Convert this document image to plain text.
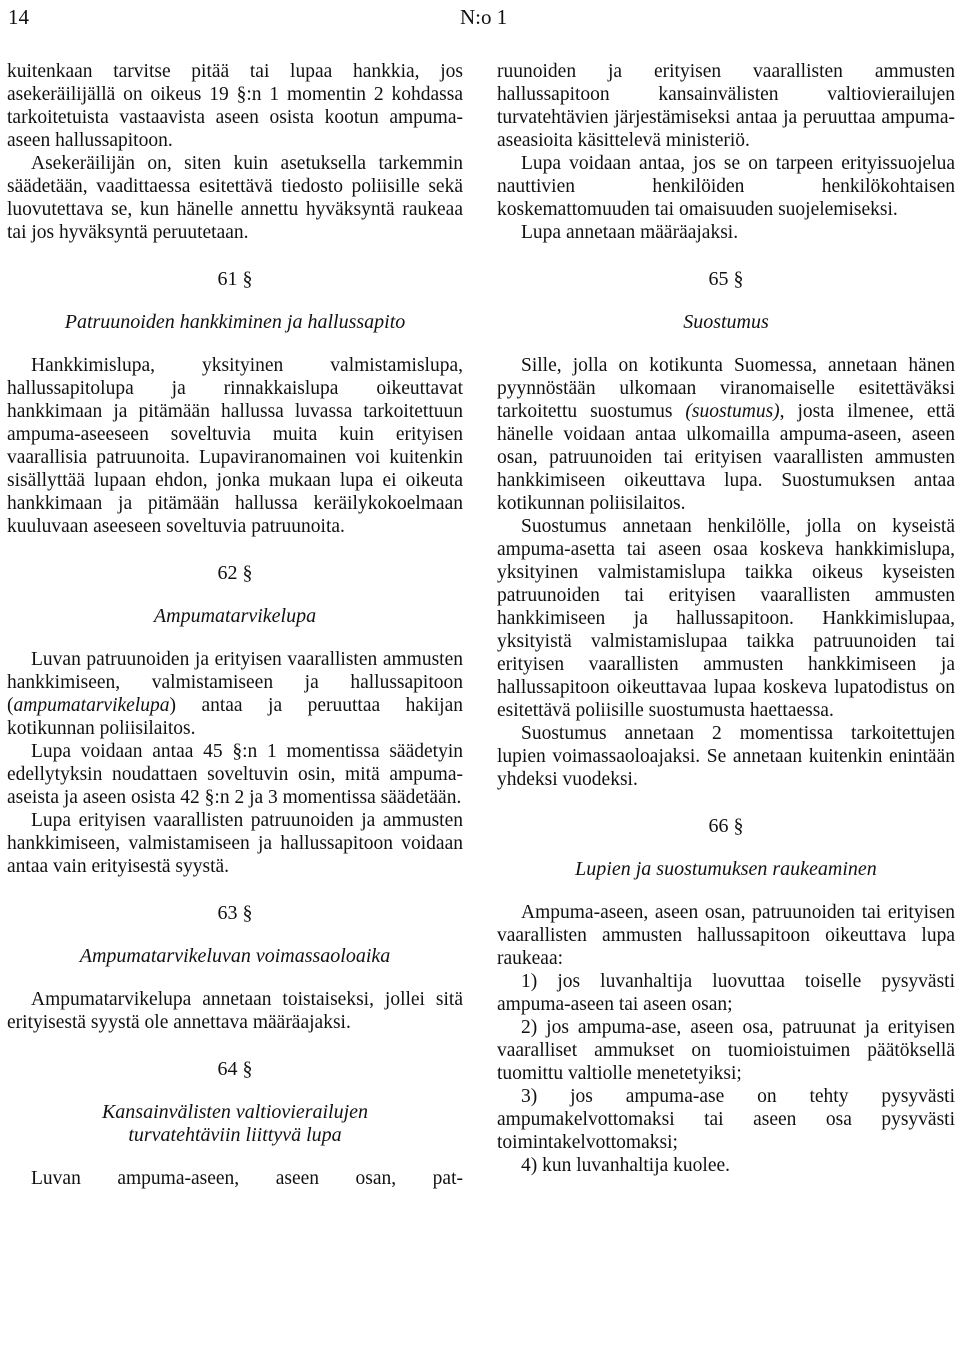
14	N:o 1

kuitenkaan tarvitse pitää tai lupaa hankkia, jos asekeräilijällä on oikeus 19 §:n 1 momentin 2 kohdassa tarkoitetuista vastaavista aseen osista kootun ampuma-aseen hallussapitoon.

Asekeräilijän on, siten kuin asetuksella tarkemmin säädetään, vaadittaessa esitettävä tiedosto poliisille sekä luovutettava se, kun hänelle annettu hyväksyntä raukeaa tai jos hyväksyntä peruutetaan.

61 §
Patruunoiden hankkiminen ja hallussapito

Hankkimislupa, yksityinen valmistamislupa, hallussapitolupa ja rinnakkaislupa oikeuttavat hankkimaan ja pitämään hallussa luvassa tarkoitettuun ampuma-aseeseen soveltuvia muita kuin erityisen vaarallisia patruunoita. Lupaviranomainen voi kuitenkin sisällyttää lupaan ehdon, jonka mukaan lupa ei oikeuta hankkimaan ja pitämään hallussa keräilykokoelmaan kuuluvaan aseeseen soveltuvia patruunoita.

62 §
Ampumatarvikelupa

Luvan patruunoiden ja erityisen vaarallisten ammusten hankkimiseen, valmistamiseen ja hallussapitoon (ampumatarvikelupa) antaa ja peruuttaa hakijan kotikunnan poliisilaitos.

Lupa voidaan antaa 45 §:n 1 momentissa säädetyin edellytyksin noudattaen soveltuvin osin, mitä ampuma-aseista ja aseen osista 42 §:n 2 ja 3 momentissa säädetään.

Lupa erityisen vaarallisten patruunoiden ja ammusten hankkimiseen, valmistamiseen ja hallussapitoon voidaan antaa vain erityisestä syystä.

63 §
Ampumatarvikeluvan voimassaoloaika

Ampumatarvikelupa annetaan toistaiseksi, jollei sitä erityisestä syystä ole annettava määräajaksi.

64 §
Kansainvälisten valtiovierailujen
turvatehtäviin liittyvä lupa

Luvan ampuma-aseen, aseen osan, pat-

ruunoiden ja erityisen vaarallisten ammusten hallussapitoon kansainvälisten valtiovierailujen turvatehtävien järjestämiseksi antaa ja peruuttaa ampuma-aseasioita käsittelevä ministeriö.

Lupa voidaan antaa, jos se on tarpeen erityissuojelua nauttivien henkilöiden henkilökohtaisen koskemattomuuden tai omaisuuden suojelemiseksi.

Lupa annetaan määräajaksi.

65 §
Suostumus

Sille, jolla on kotikunta Suomessa, annetaan hänen pyynnöstään ulkomaan viranomaiselle esitettäväksi tarkoitettu suostumus (suostumus), josta ilmenee, että hänelle voidaan antaa ulkomailla ampuma-aseen, aseen osan, patruunoiden tai erityisen vaarallisten ammusten hankkimiseen oikeuttava lupa. Suostumuksen antaa kotikunnan poliisilaitos.

Suostumus annetaan henkilölle, jolla on kyseistä ampuma-asetta tai aseen osaa koskeva hankkimislupa, yksityinen valmistamislupa taikka oikeus kyseisten patruunoiden tai erityisen vaarallisten ammusten hankkimiseen ja hallussapitoon. Hankkimislupaa, yksityistä valmistamislupaa taikka patruunoiden tai erityisen vaarallisten ammusten hankkimiseen ja hallussapitoon oikeuttavaa lupaa koskeva lupatodistus on esitettävä poliisille suostumusta haettaessa.

Suostumus annetaan 2 momentissa tarkoitettujen lupien voimassaoloajaksi. Se annetaan kuitenkin enintään yhdeksi vuodeksi.

66 §
Lupien ja suostumuksen raukeaminen

Ampuma-aseen, aseen osan, patruunoiden tai erityisen vaarallisten ammusten hallussapitoon oikeuttava lupa raukeaa:

1) jos luvanhaltija luovuttaa toiselle pysyvästi ampuma-aseen tai aseen osan;

2) jos ampuma-ase, aseen osa, patruunat ja erityisen vaaralliset ammukset on tuomioistuimen päätöksellä tuomittu valtiolle menetetyiksi;

3) jos ampuma-ase on tehty pysyvästi ampumakelvottomaksi tai aseen osa pysyvästi toimintakelvottomaksi;

4) kun luvanhaltija kuolee.
